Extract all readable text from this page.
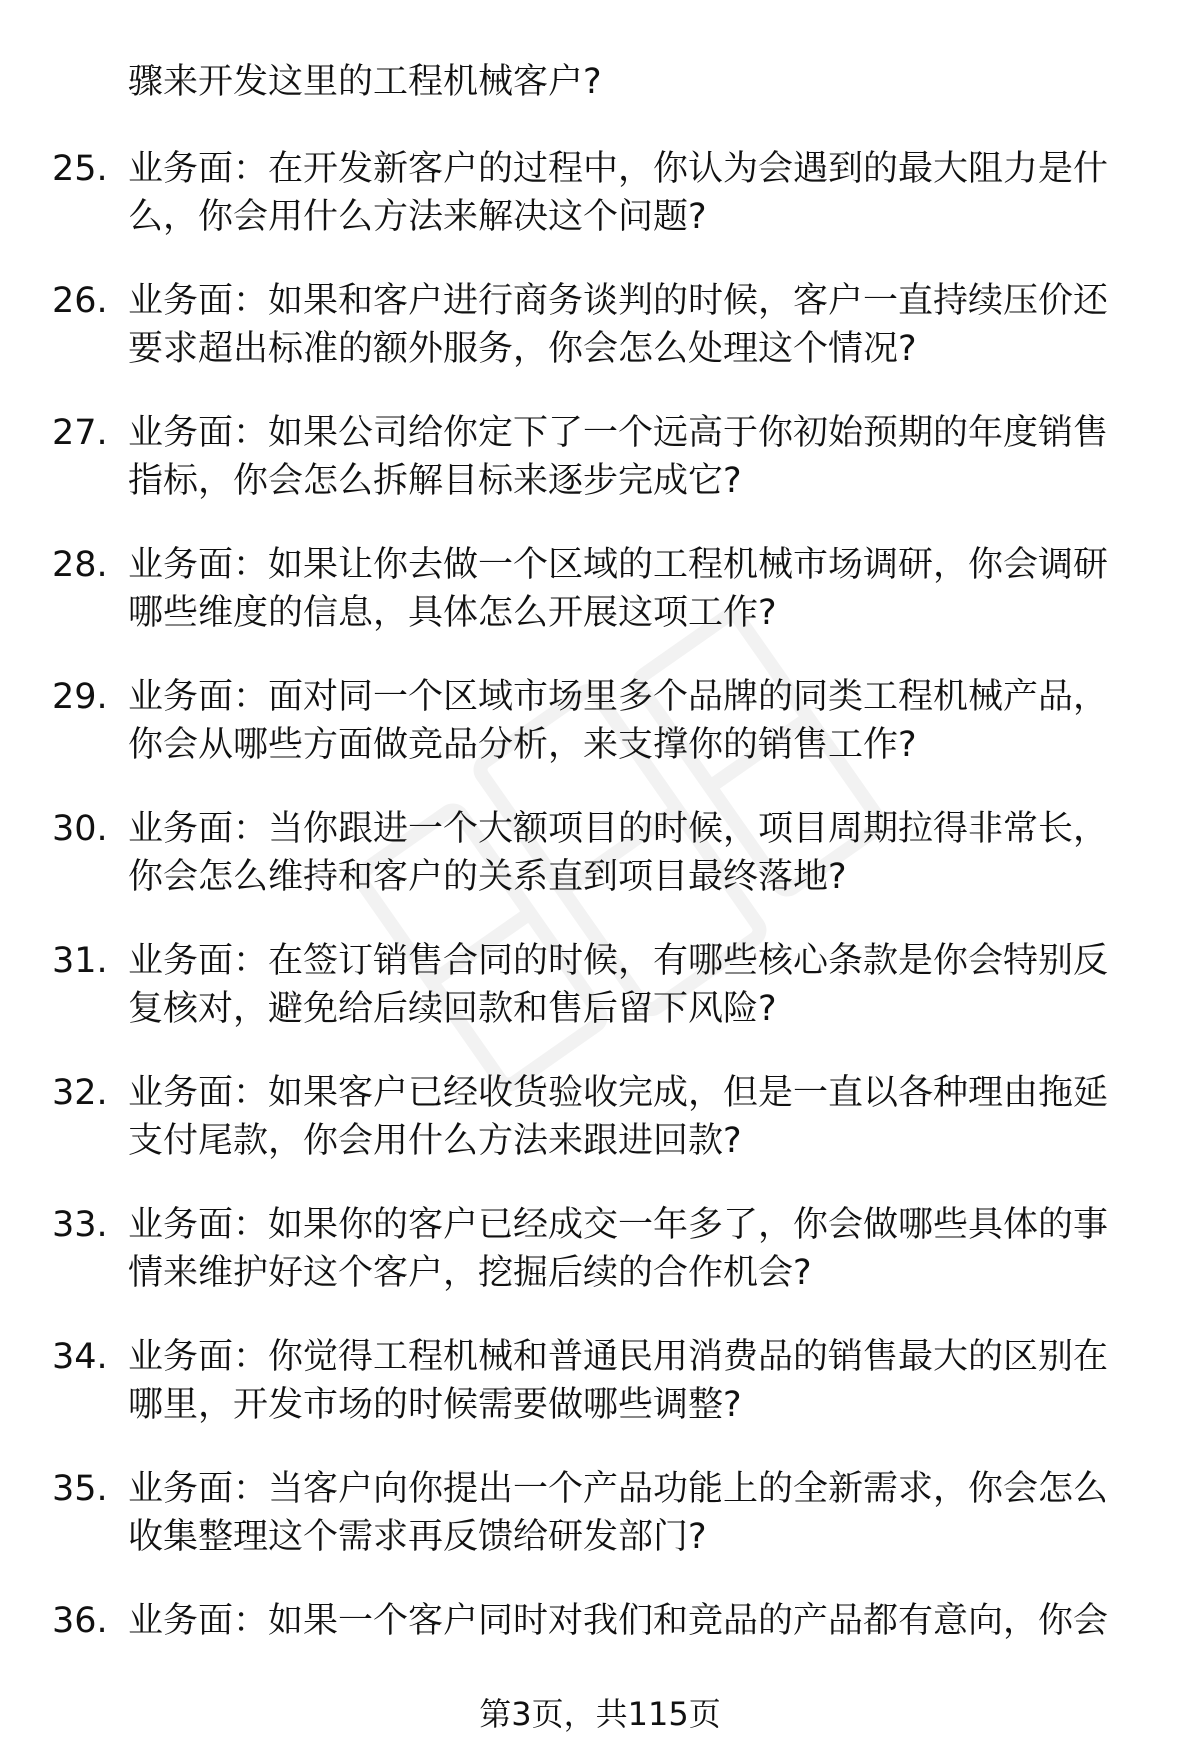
骤来开发这里的工程机械客户?
25. 业务面：在开发新客户的过程中，你认为会遇到的最大阻力是什
么，你会用什么方法来解决这个问题?
26. 业务面：如果和客户进行商务谈判的时候，客户一直持续压价还
要求超出标准的额外服务，你会怎么处理这个情况?
27. 业务面：如果公司给你定下了一个远高于你初始预期的年度销售
指标，你会怎么拆解目标来逐步完成它?
28. 业务面：如果让你去做一个区域的工程机械市场调研，你会调研
哪些维度的信息，具体怎么开展这项工作?
29. 业务面：面对同一个区域市场里多个品牌的同类工程机械产品，
你会从哪些方面做竞品分析，来支撑你的销售工作?
30. 业务面：当你跟进一个大额项目的时候，项目周期拉得非常长，
你会怎么维持和客户的关系直到项目最终落地?
31. 业务面：在签订销售合同的时候，有哪些核心条款是你会特别反
复核对，避免给后续回款和售后留下风险?
32. 业务面：如果客户已经收货验收完成，但是一直以各种理由拖延
支付尾款，你会用什么方法来跟进回款?
33. 业务面：如果你的客户已经成交一年多了，你会做哪些具体的事
情来维护好这个客户，挖掘后续的合作机会?
34. 业务面：你觉得工程机械和普通民用消费品的销售最大的区别在
哪里，开发市场的时候需要做哪些调整?
35. 业务面：当客户向你提出一个产品功能上的全新需求，你会怎么
收集整理这个需求再反馈给研发部门?
36. 业务面：如果一个客户同时对我们和竞品的产品都有意向，你会
第3页，共115页
